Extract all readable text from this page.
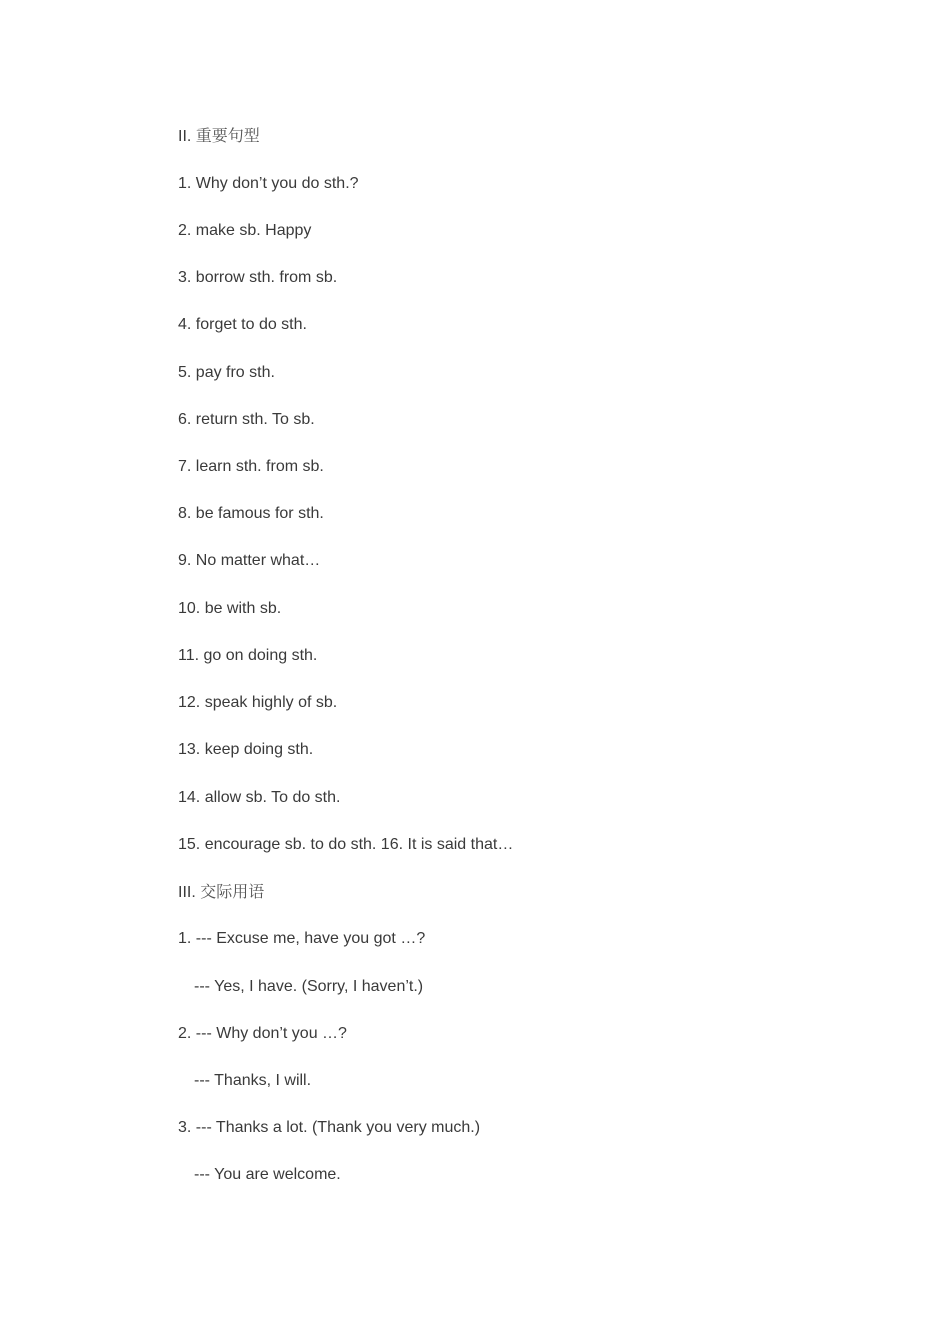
II. 重要句型
1. Why don’t you do sth.?
2. make sb. Happy
3. borrow sth. from sb.
4. forget to do sth.
5. pay fro sth.
6. return sth. To sb.
7. learn sth. from sb.
8. be famous for sth.
9. No matter what…
10. be with sb.
11. go on doing sth.
12. speak highly of sb.
13. keep doing sth.
14. allow sb. To do sth.
15. encourage sb. to do sth. 16. It is said that…
III. 交际用语
1. --- Excuse me, have you got …?
--- Yes, I have. (Sorry, I haven’t.)
2. --- Why don’t you …?
--- Thanks, I will.
3. --- Thanks a lot. (Thank you very much.)
--- You are welcome.
